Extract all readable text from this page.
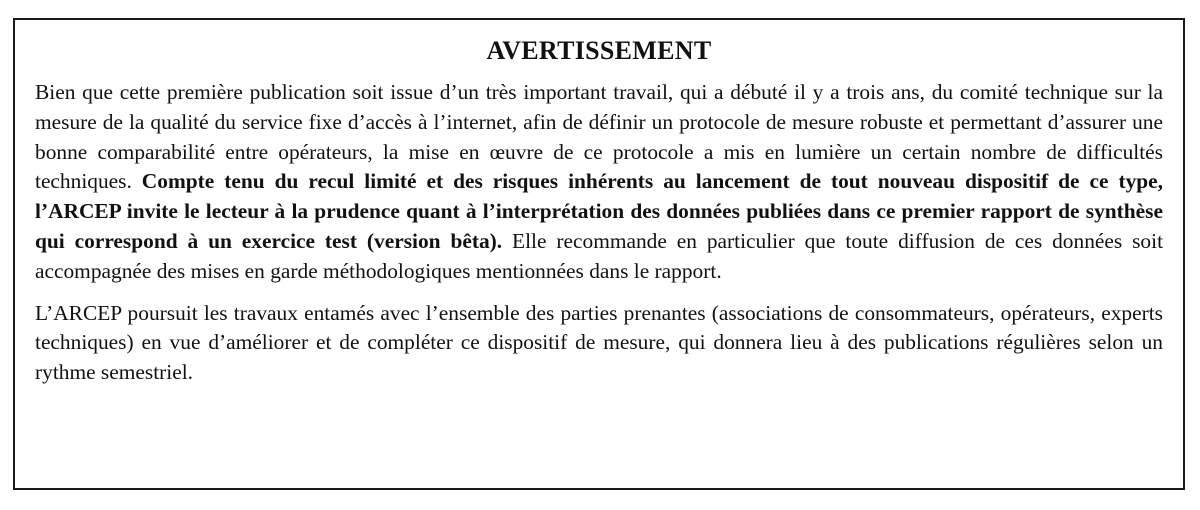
AVERTISSEMENT

Bien que cette première publication soit issue d’un très important travail, qui a débuté il y a trois ans, du comité technique sur la mesure de la qualité du service fixe d’accès à l’internet, afin de définir un protocole de mesure robuste et permettant d’assurer une bonne comparabilité entre opérateurs, la mise en œuvre de ce protocole a mis en lumière un certain nombre de difficultés techniques. Compte tenu du recul limité et des risques inhérents au lancement de tout nouveau dispositif de ce type, l’ARCEP invite le lecteur à la prudence quant à l’interprétation des données publiées dans ce premier rapport de synthèse qui correspond à un exercice test (version bêta). Elle recommande en particulier que toute diffusion de ces données soit accompagnée des mises en garde méthodologiques mentionnées dans le rapport.

L’ARCEP poursuit les travaux entamés avec l’ensemble des parties prenantes (associations de consommateurs, opérateurs, experts techniques) en vue d’améliorer et de compléter ce dispositif de mesure, qui donnera lieu à des publications régulières selon un rythme semestriel.
